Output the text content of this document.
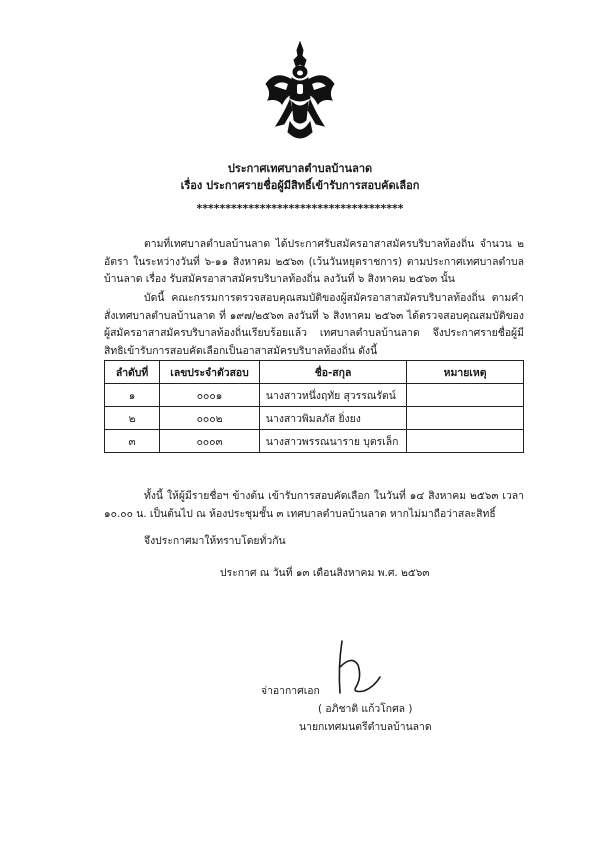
ประกาศเทศบาลตำบลบ้านลาด
เรื่อง ประกาศรายชื่อผู้มีสิทธิ์เข้ารับการสอบคัดเลือก
************************************
ตามที่เทศบาลตำบลบ้านลาด ได้ประกาศรับสมัครอาสาสมัครบริบาลท้องถิ่น จำนวน ๒ อัตรา ในระหว่างวันที่ ๖-๑๑ สิงหาคม ๒๕๖๓ (เว้นวันหยุดราชการ) ตามประกาศเทศบาลตำบลบ้านลาด เรื่อง รับสมัครอาสาสมัครบริบาลท้องถิ่น ลงวันที่ ๖ สิงหาคม ๒๕๖๓ นั้น
บัดนี้ คณะกรรมการตรวจสอบคุณสมบัติของผู้สมัครอาสาสมัครบริบาลท้องถิ่น ตามคำสั่งเทศบาลตำบลบ้านลาด ที่ ๑๙๗/๒๕๖๓ ลงวันที่ ๖ สิงหาคม ๒๕๖๓ ได้ตรวจสอบคุณสมบัติของผู้สมัครอาสาสมัครบริบาลท้องถิ่นเรียบร้อยแล้ว เทศบาลตำบลบ้านลาด จึงประกาศรายชื่อผู้มีสิทธิเข้ารับการสอบคัดเลือกเป็นอาสาสมัครบริบาลท้องถิ่น ดังนี้
ลำดับที่	เลขประจำตัวสอบ	ชื่อ-สกุล	หมายเหตุ
๑	๐๐๐๑	นางสาวหนึ่งฤทัย สุวรรณรัตน์	
๒	๐๐๐๒	นางสาวพิมลภัส ยิ่งยง	
๓	๐๐๐๓	นางสาวพรรณนาราย บุตรเล็ก	
ทั้งนี้ ให้ผู้มีรายชื่อฯ ข้างต้น เข้ารับการสอบคัดเลือก ในวันที่ ๑๔ สิงหาคม ๒๕๖๓ เวลา ๑๐.๐๐ น. เป็นต้นไป ณ ห้องประชุมชั้น ๓ เทศบาลตำบลบ้านลาด หากไม่มาถือว่าสละสิทธิ์
จึงประกาศมาให้ทราบโดยทั่วกัน
ประกาศ ณ วันที่ ๑๓ เดือนสิงหาคม พ.ศ. ๒๕๖๓
จ่าอากาศเอก
( อภิชาติ แก้วโกศล )
นายกเทศมนตรีตำบลบ้านลาด
